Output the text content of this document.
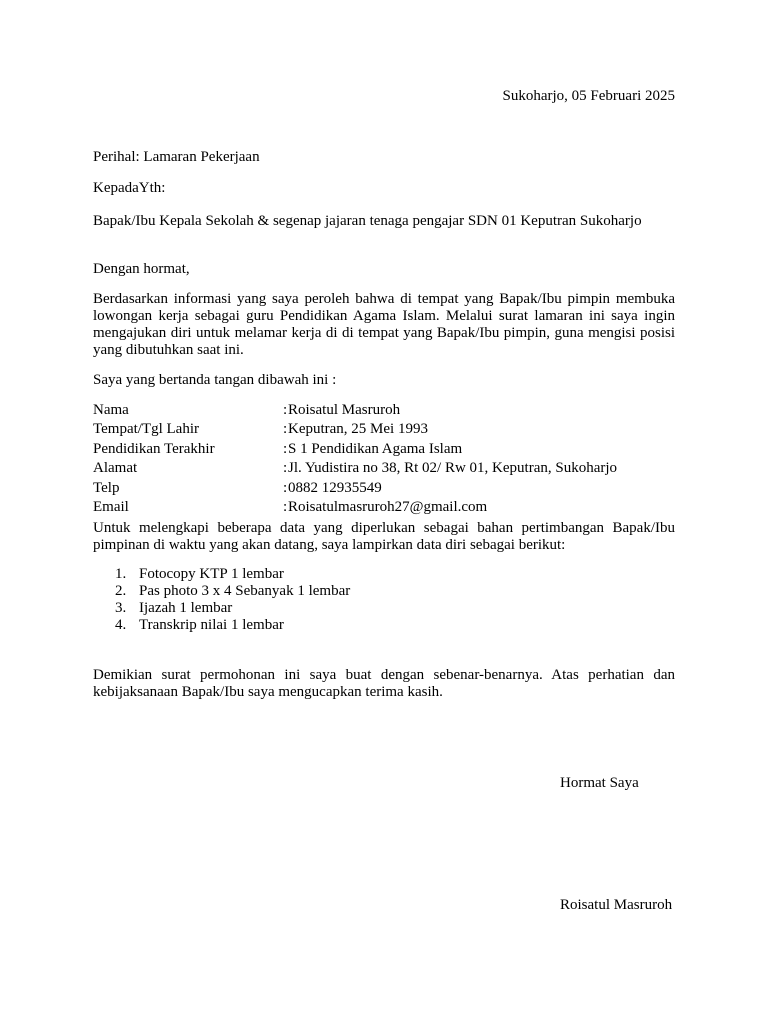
Sukoharjo, 05 Februari 2025
Perihal: Lamaran Pekerjaan
KepadaYth:
Bapak/Ibu Kepala Sekolah & segenap jajaran tenaga pengajar SDN 01 Keputran Sukoharjo
Dengan hormat,
Berdasarkan informasi yang saya peroleh bahwa di tempat yang Bapak/Ibu pimpin membuka lowongan kerja sebagai guru Pendidikan Agama Islam. Melalui surat lamaran ini saya ingin mengajukan diri untuk melamar kerja di di tempat yang Bapak/Ibu pimpin, guna mengisi posisi yang dibutuhkan saat ini.
Saya yang bertanda tangan dibawah ini :
Nama	:Roisatul Masruroh
Tempat/Tgl Lahir	:Keputran, 25 Mei 1993
Pendidikan Terakhir	:S 1 Pendidikan Agama Islam
Alamat	:Jl. Yudistira no 38, Rt 02/ Rw 01, Keputran, Sukoharjo
Telp	:0882 12935549
Email	:Roisatulmasruroh27@gmail.com
Untuk melengkapi beberapa data yang diperlukan sebagai bahan pertimbangan Bapak/Ibu pimpinan di waktu yang akan datang, saya lampirkan data diri sebagai berikut:
1. Fotocopy KTP 1 lembar
2. Pas photo 3 x 4 Sebanyak 1 lembar
3. Ijazah 1 lembar
4. Transkrip nilai 1 lembar
Demikian surat permohonan ini saya buat dengan sebenar-benarnya. Atas perhatian dan kebijaksanaan Bapak/Ibu saya mengucapkan terima kasih.
Hormat Saya
Roisatul Masruroh
